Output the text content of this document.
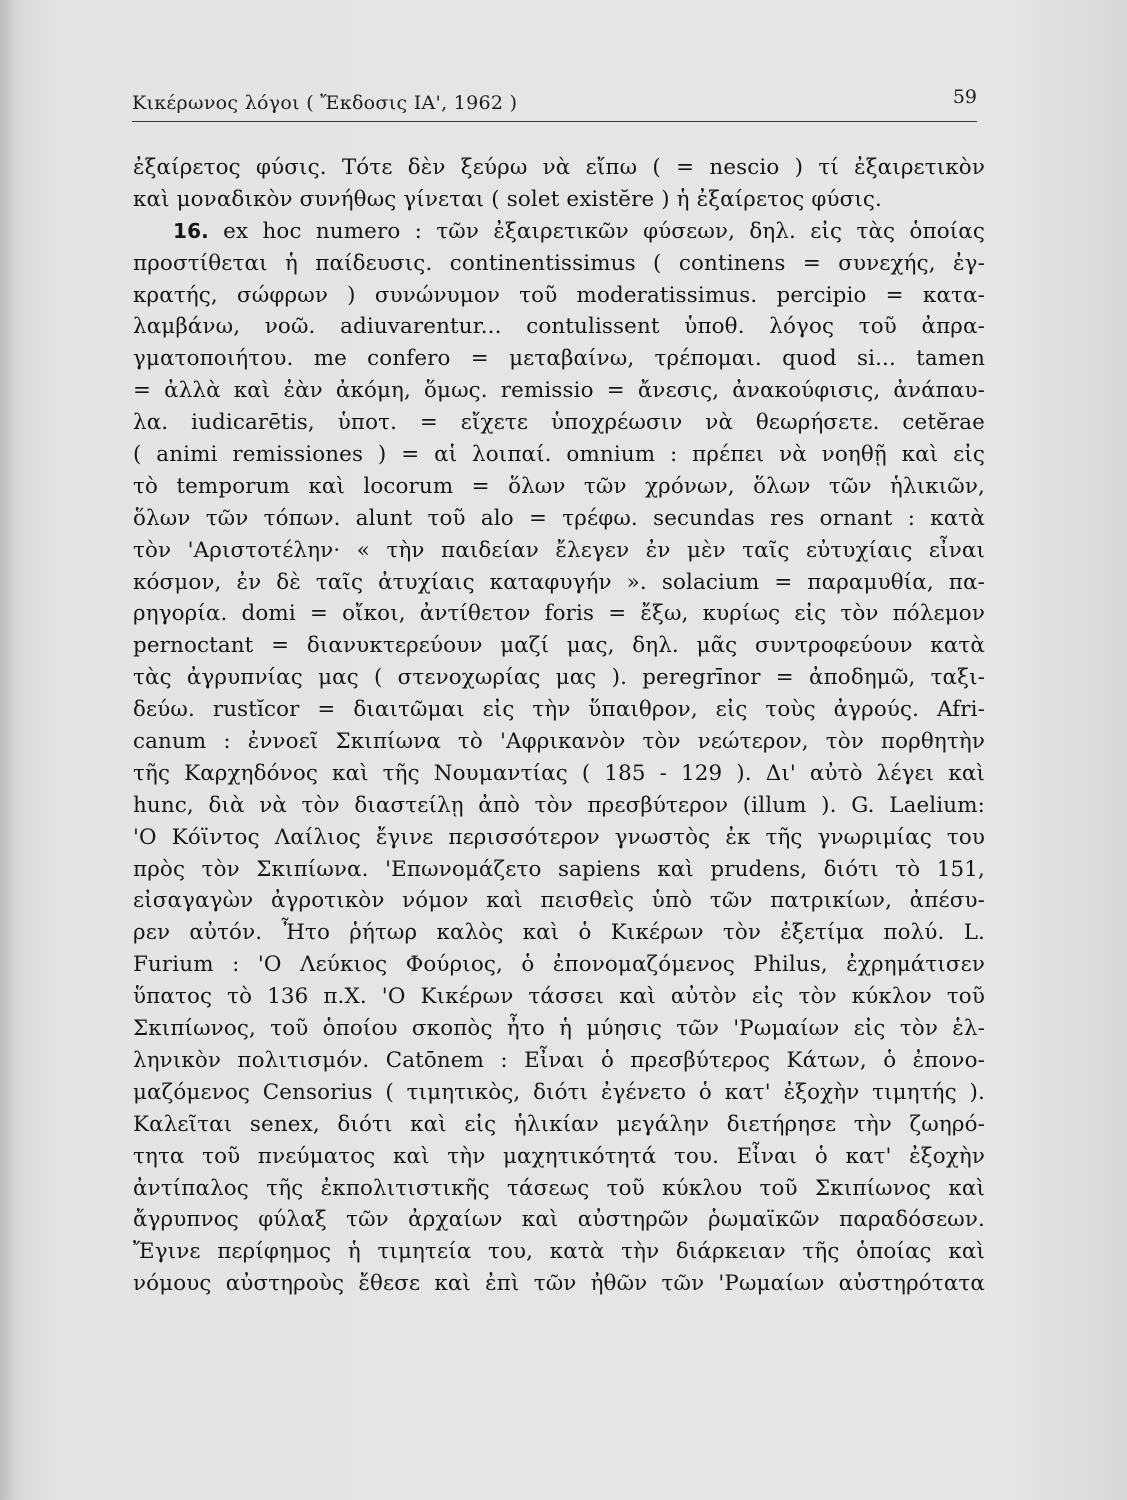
Κικέρωνος λόγοι ( Ἔκδοσις ΙΑ', 1962 )	59
ἐξαίρετος φύσις. Τότε δὲν ξεύρω νὰ εἴπω ( = nescio ) τί ἐξαιρετικὸν
καὶ μοναδικὸν συνήθως γίνεται ( solet existĕre ) ἡ ἐξαίρετος φύσις.
16. ex hoc numero : τῶν ἐξαιρετικῶν φύσεων, δηλ. εἰς τὰς ὁποίας
προστίθεται ἡ παίδευσις. continentissimus ( continens = συνεχής, ἐγ-
κρατής, σώφρων ) συνώνυμον τοῦ moderatissimus. percipio = κατα-
λαμβάνω, νοῶ. adiuvarentur... contulissent ὑποθ. λόγος τοῦ ἀπρα-
γματοποιήτου. me confero = μεταβαίνω, τρέπομαι. quod si... tamen
= ἀλλὰ καὶ ἐὰν ἀκόμη, ὅμως. remissio = ἄνεσις, ἀνακούφισις, ἀνάπαυ-
λα. iudicarētis, ὑποτ. = εἴχετε ὑποχρέωσιν νὰ θεωρήσετε. cetĕrae
( animi remissiones ) = αἱ λοιπαί. omnium : πρέπει νὰ νοηθῇ καὶ εἰς
τὸ temporum καὶ locorum = ὅλων τῶν χρόνων, ὅλων τῶν ἡλικιῶν,
ὅλων τῶν τόπων. alunt τοῦ alo = τρέφω. secundas res ornant : κατὰ
τὸν 'Αριστοτέλην· « τὴν παιδείαν ἔλεγεν ἐν μὲν ταῖς εὐτυχίαις εἶναι
κόσμον, ἐν δὲ ταῖς ἀτυχίαις καταφυγήν ». solacium = παραμυθία, πα-
ρηγορία. domi = οἴκοι, ἀντίθετον foris = ἔξω, κυρίως εἰς τὸν πόλεμον
pernoctant = διανυκτερεύουν μαζί μας, δηλ. μᾶς συντροφεύουν κατὰ
τὰς ἀγρυπνίας μας ( στενοχωρίας μας ). peregrīnor = ἀποδημῶ, ταξι-
δεύω. rustĭcor = διαιτῶμαι εἰς τὴν ὕπαιθρον, εἰς τοὺς ἀγρούς. Afri-
canum : ἐννοεῖ Σκιπίωνα τὸ 'Αφρικανὸν τὸν νεώτερον, τὸν πορθητὴν
τῆς Καρχηδόνος καὶ τῆς Νουμαντίας ( 185 - 129 ). Δι' αὐτὸ λέγει καὶ
hunc, διὰ νὰ τὸν διαστείλῃ ἀπὸ τὸν πρεσβύτερον (illum ). G. Laelium:
'Ο Κόϊντος Λαίλιος ἔγινε περισσότερον γνωστὸς ἐκ τῆς γνωριμίας του
πρὸς τὸν Σκιπίωνα. 'Επωνομάζετο sapiens καὶ prudens, διότι τὸ 151,
εἰσαγαγὼν ἀγροτικὸν νόμον καὶ πεισθεὶς ὑπὸ τῶν πατρικίων, ἀπέσυ-
ρεν αὐτόν. Ἦτο ῥήτωρ καλὸς καὶ ὁ Κικέρων τὸν ἐξετίμα πολύ. L.
Furium : 'Ο Λεύκιος Φούριος, ὁ ἐπονομαζόμενος Philus, ἐχρημάτισεν
ὕπατος τὸ 136 π.Χ. 'Ο Κικέρων τάσσει καὶ αὐτὸν εἰς τὸν κύκλον τοῦ
Σκιπίωνος, τοῦ ὁποίου σκοπὸς ἦτο ἡ μύησις τῶν 'Ρωμαίων εἰς τὸν ἑλ-
ληνικὸν πολιτισμόν. Catōnem : Εἶναι ὁ πρεσβύτερος Κάτων, ὁ ἐπονο-
μαζόμενος Censorius ( τιμητικὸς, διότι ἐγένετο ὁ κατ' ἐξοχὴν τιμητής ).
Καλεῖται senex, διότι καὶ εἰς ἡλικίαν μεγάλην διετήρησε τὴν ζωηρό-
τητα τοῦ πνεύματος καὶ τὴν μαχητικότητά του. Εἶναι ὁ κατ' ἐξοχὴν
ἀντίπαλος τῆς ἐκπολιτιστικῆς τάσεως τοῦ κύκλου τοῦ Σκιπίωνος καὶ
ἄγρυπνος φύλαξ τῶν ἀρχαίων καὶ αὐστηρῶν ῥωμαϊκῶν παραδόσεων.
Ἔγινε περίφημος ἡ τιμητεία του, κατὰ τὴν διάρκειαν τῆς ὁποίας καὶ
νόμους αὐστηροὺς ἔθεσε καὶ ἐπὶ τῶν ἠθῶν τῶν 'Ρωμαίων αὐστηρότατα
